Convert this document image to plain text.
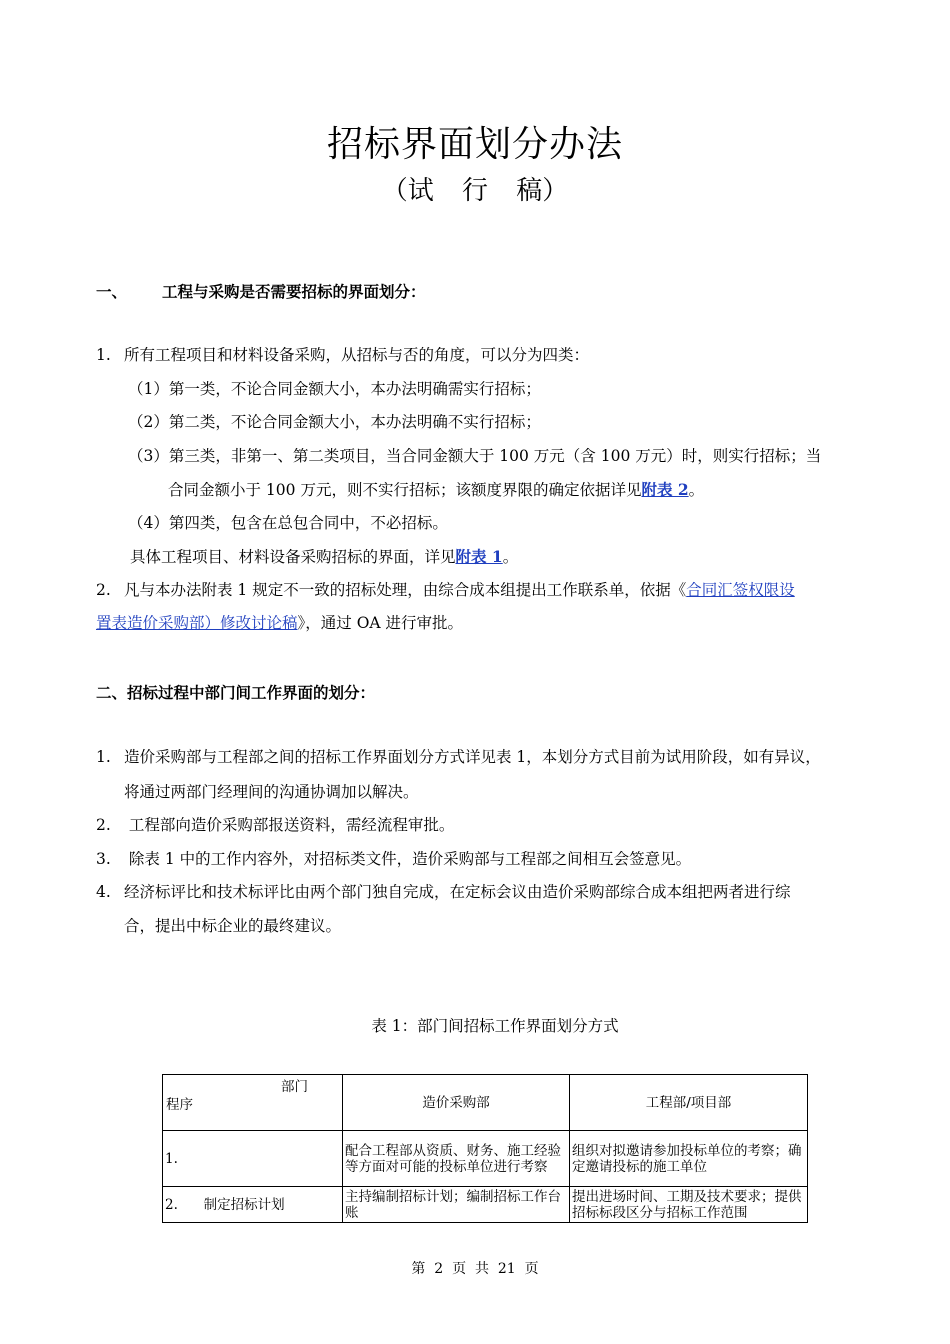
招标界面划分办法
（试 行 稿）
一、 工程与采购是否需要招标的界面划分：
1. 所有工程项目和材料设备采购，从招标与否的角度，可以分为四类：
（1）第一类，不论合同金额大小，本办法明确需实行招标；
（2）第二类，不论合同金额大小，本办法明确不实行招标；
（3）第三类，非第一、第二类项目，当合同金额大于 100 万元（含 100 万元）时，则实行招标；当
合同金额小于 100 万元，则不实行招标；该额度界限的确定依据详见附表 2。
（4）第四类，包含在总包合同中，不必招标。
具体工程项目、材料设备采购招标的界面，详见附表 1。
2. 凡与本办法附表 1 规定不一致的招标处理，由综合成本组提出工作联系单，依据《合同汇签权限设
置表造价采购部）修改讨论稿》，通过 OA 进行审批。
二、招标过程中部门间工作界面的划分：
1. 造价采购部与工程部之间的招标工作界面划分方式详见表 1，本划分方式目前为试用阶段，如有异议，
将通过两部门经理间的沟通协调加以解决。
2. 工程部向造价采购部报送资料，需经流程审批。
3. 除表 1 中的工作内容外，对招标类文件，造价采购部与工程部之间相互会签意见。
4. 经济标评比和技术标评比由两个部门独自完成，在定标会议由造价采购部综合成本组把两者进行综
合，提出中标企业的最终建议。
表 1：部门间招标工作界面划分方式
部门
程序	造价采购部	工程部/项目部
1.	配合工程部从资质、财务、施工经验等方面对可能的投标单位进行考察	组织对拟邀请参加投标单位的考察；确定邀请投标的施工单位
2.      制定招标计划	主持编制招标计划；编制招标工作台账	提出进场时间、工期及技术要求；提供招标标段区分与招标工作范围
第  2  页  共  21  页
